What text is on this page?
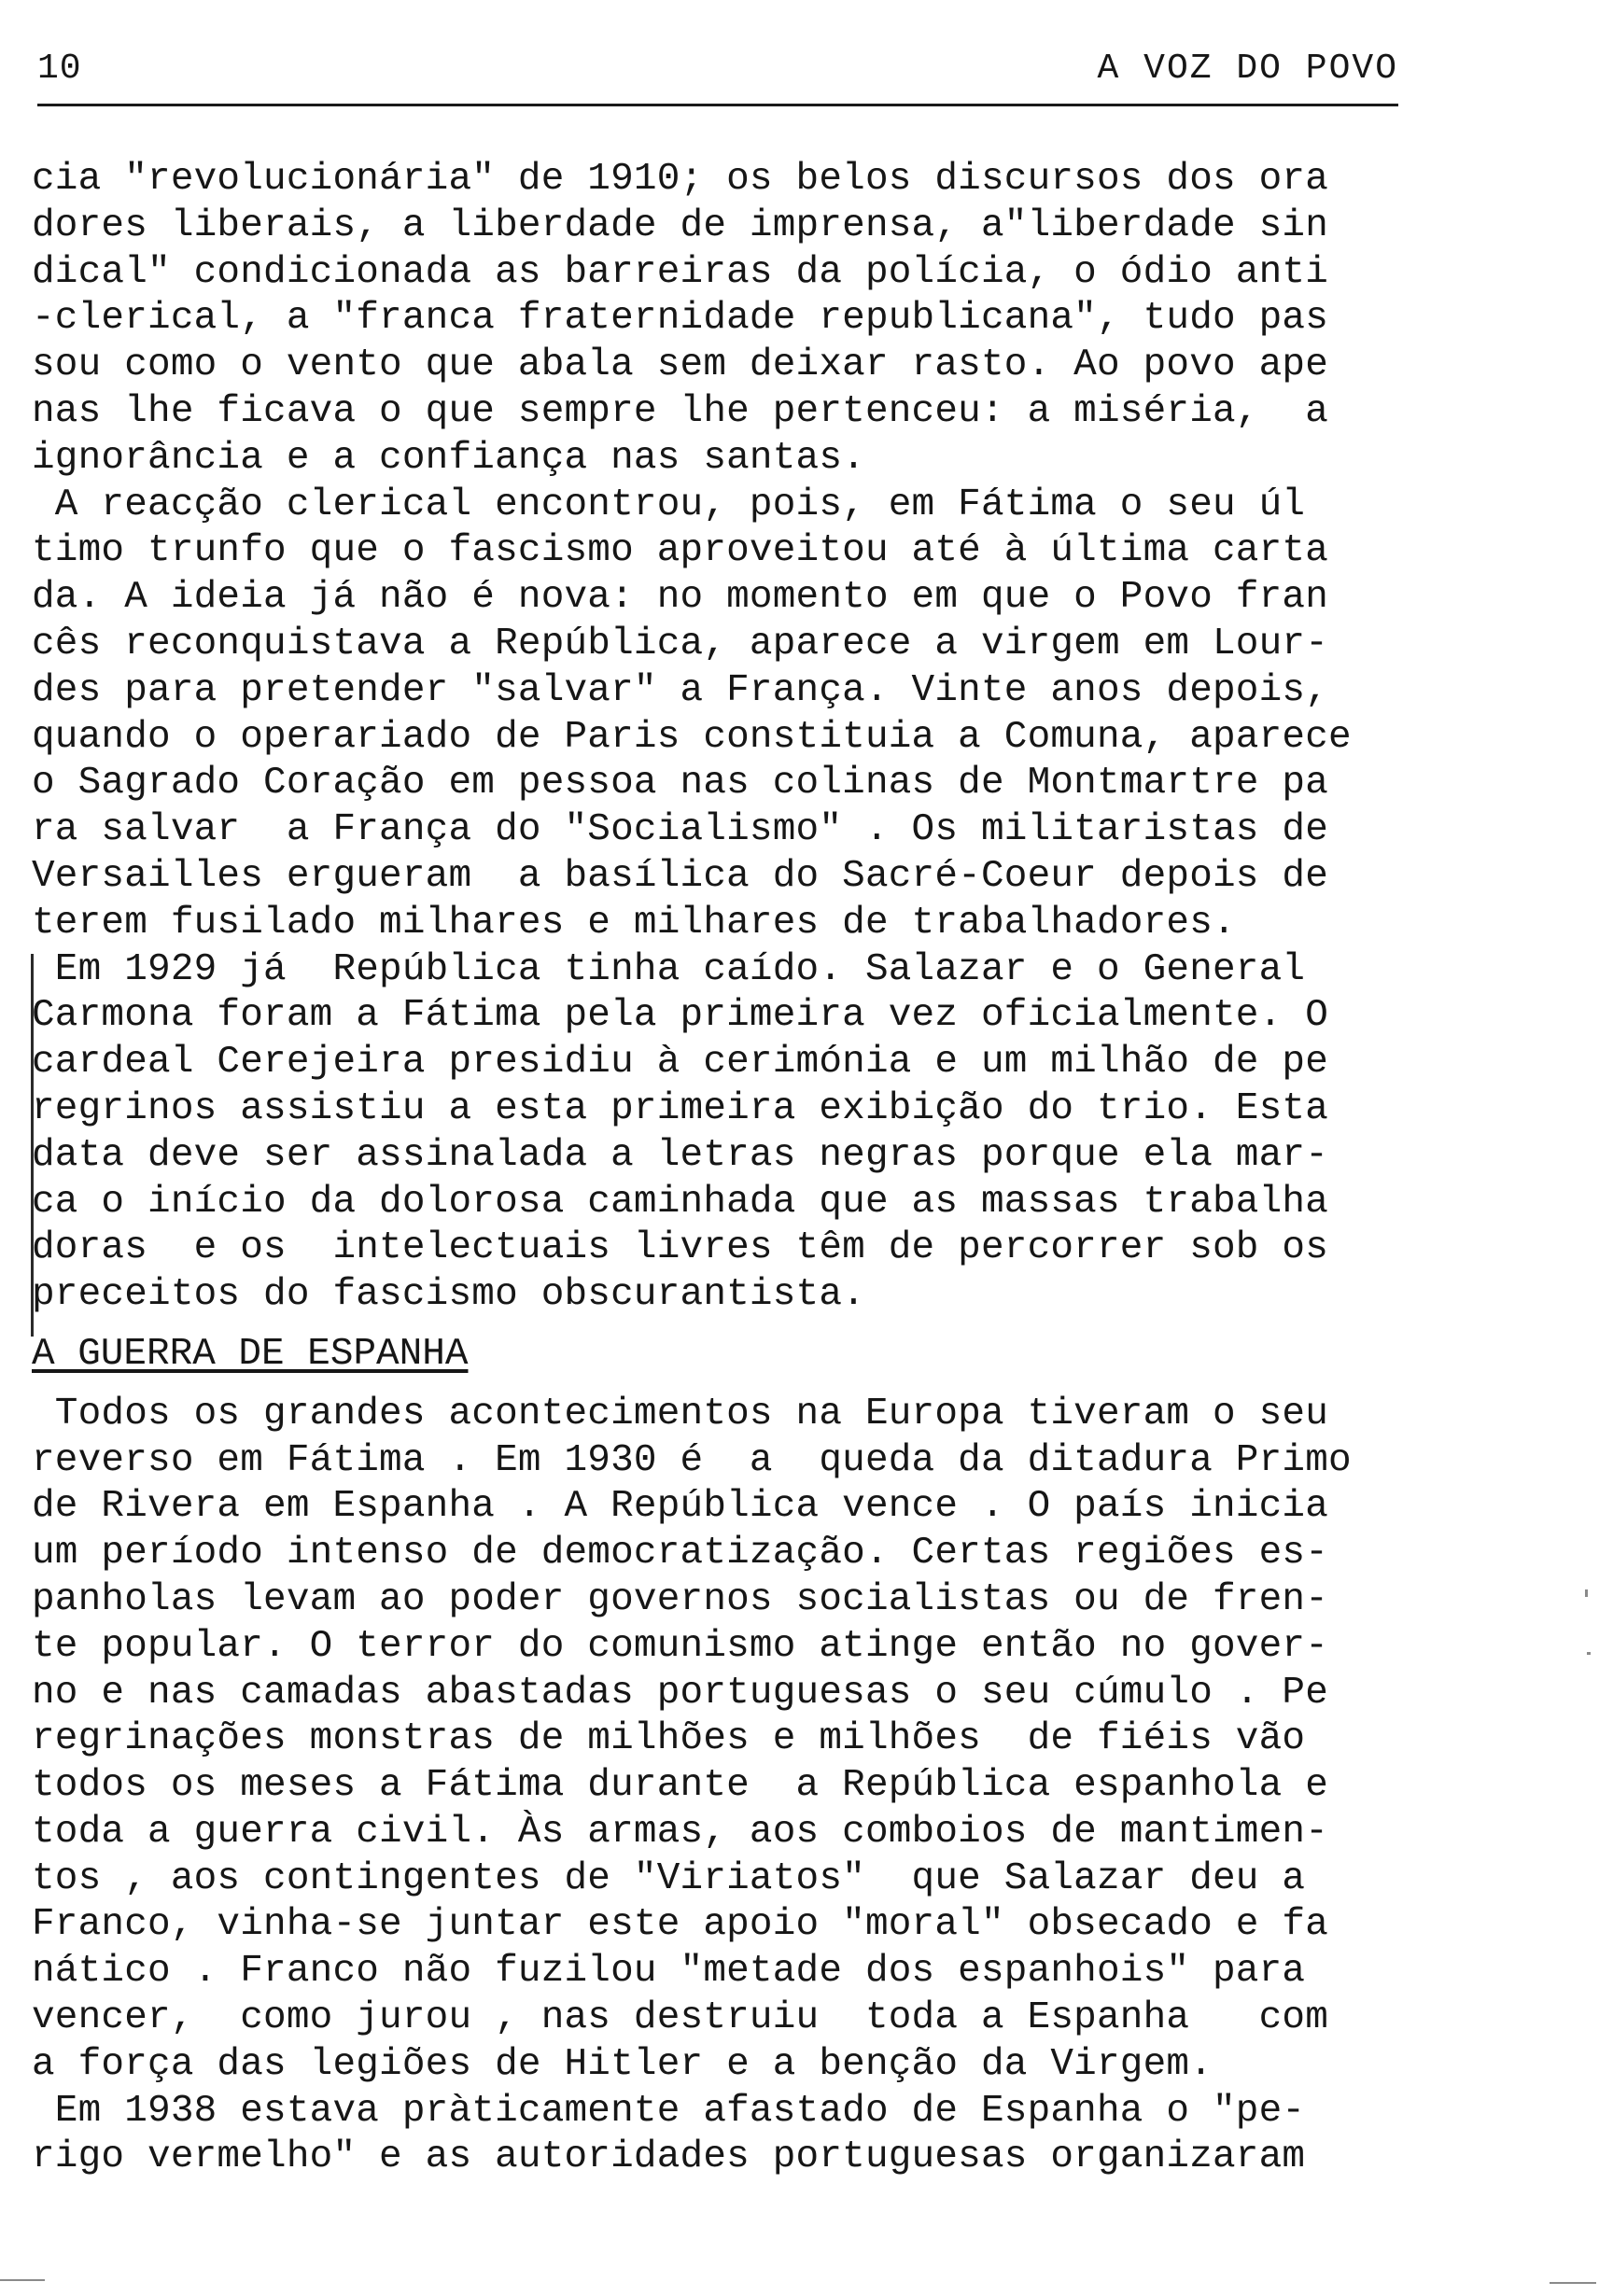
10	A VOZ DO POVO
cia "revolucionária" de 1910; os belos discursos dos ora
dores liberais, a liberdade de imprensa, a"liberdade sin
dical" condicionada as barreiras da polícia, o ódio anti
-clerical, a "franca fraternidade republicana", tudo pas
sou como o vento que abala sem deixar rasto. Ao povo ape
nas lhe ficava o que sempre lhe pertenceu: a miséria,  a
ignorância e a confiança nas santas.
A reacção clerical encontrou, pois, em Fátima o seu úl
timo trunfo que o fascismo aproveitou até à última carta
da. A ideia já não é nova: no momento em que o Povo fran
cês reconquistava a República, aparece a virgem em Lour-
des para pretender "salvar" a França. Vinte anos depois,
quando o operariado de Paris constituia a Comuna, aparece
o Sagrado Coração em pessoa nas colinas de Montmartre pa
ra salvar  a França do "Socialismo" . Os militaristas de
Versailles ergueram  a basílica do Sacré-Coeur depois de
terem fusilado milhares e milhares de trabalhadores.
Em 1929 já  República tinha caído. Salazar e o General
Carmona foram a Fátima pela primeira vez oficialmente. O
cardeal Cerejeira presidiu à cerimónia e um milhão de pe
regrinos assistiu a esta primeira exibição do trio. Esta
data deve ser assinalada a letras negras porque ela mar-
ca o início da dolorosa caminhada que as massas trabalha
doras  e os  intelectuais livres têm de percorrer sob os
preceitos do fascismo obscurantista.
A GUERRA DE ESPANHA
Todos os grandes acontecimentos na Europa tiveram o seu
reverso em Fátima . Em 1930 é  a  queda da ditadura Primo
de Rivera em Espanha . A República vence . O país inicia
um período intenso de democratização. Certas regiões es-
panholas levam ao poder governos socialistas ou de fren-
te popular. O terror do comunismo atinge então no gover-
no e nas camadas abastadas portuguesas o seu cúmulo . Pe
regrinações monstras de milhões e milhões  de fiéis vão
todos os meses a Fátima durante  a República espanhola e
toda a guerra civil. Às armas, aos comboios de mantimen-
tos , aos contingentes de "Viriatos"  que Salazar deu a
Franco, vinha-se juntar este apoio "moral" obsecado e fa
nático . Franco não fuzilou "metade dos espanhois" para
vencer,  como jurou , nas destruiu  toda a Espanha   com
a força das legiões de Hitler e a benção da Virgem.
Em 1938 estava pràticamente afastado de Espanha o "pe-
rigo vermelho" e as autoridades portuguesas organizaram
